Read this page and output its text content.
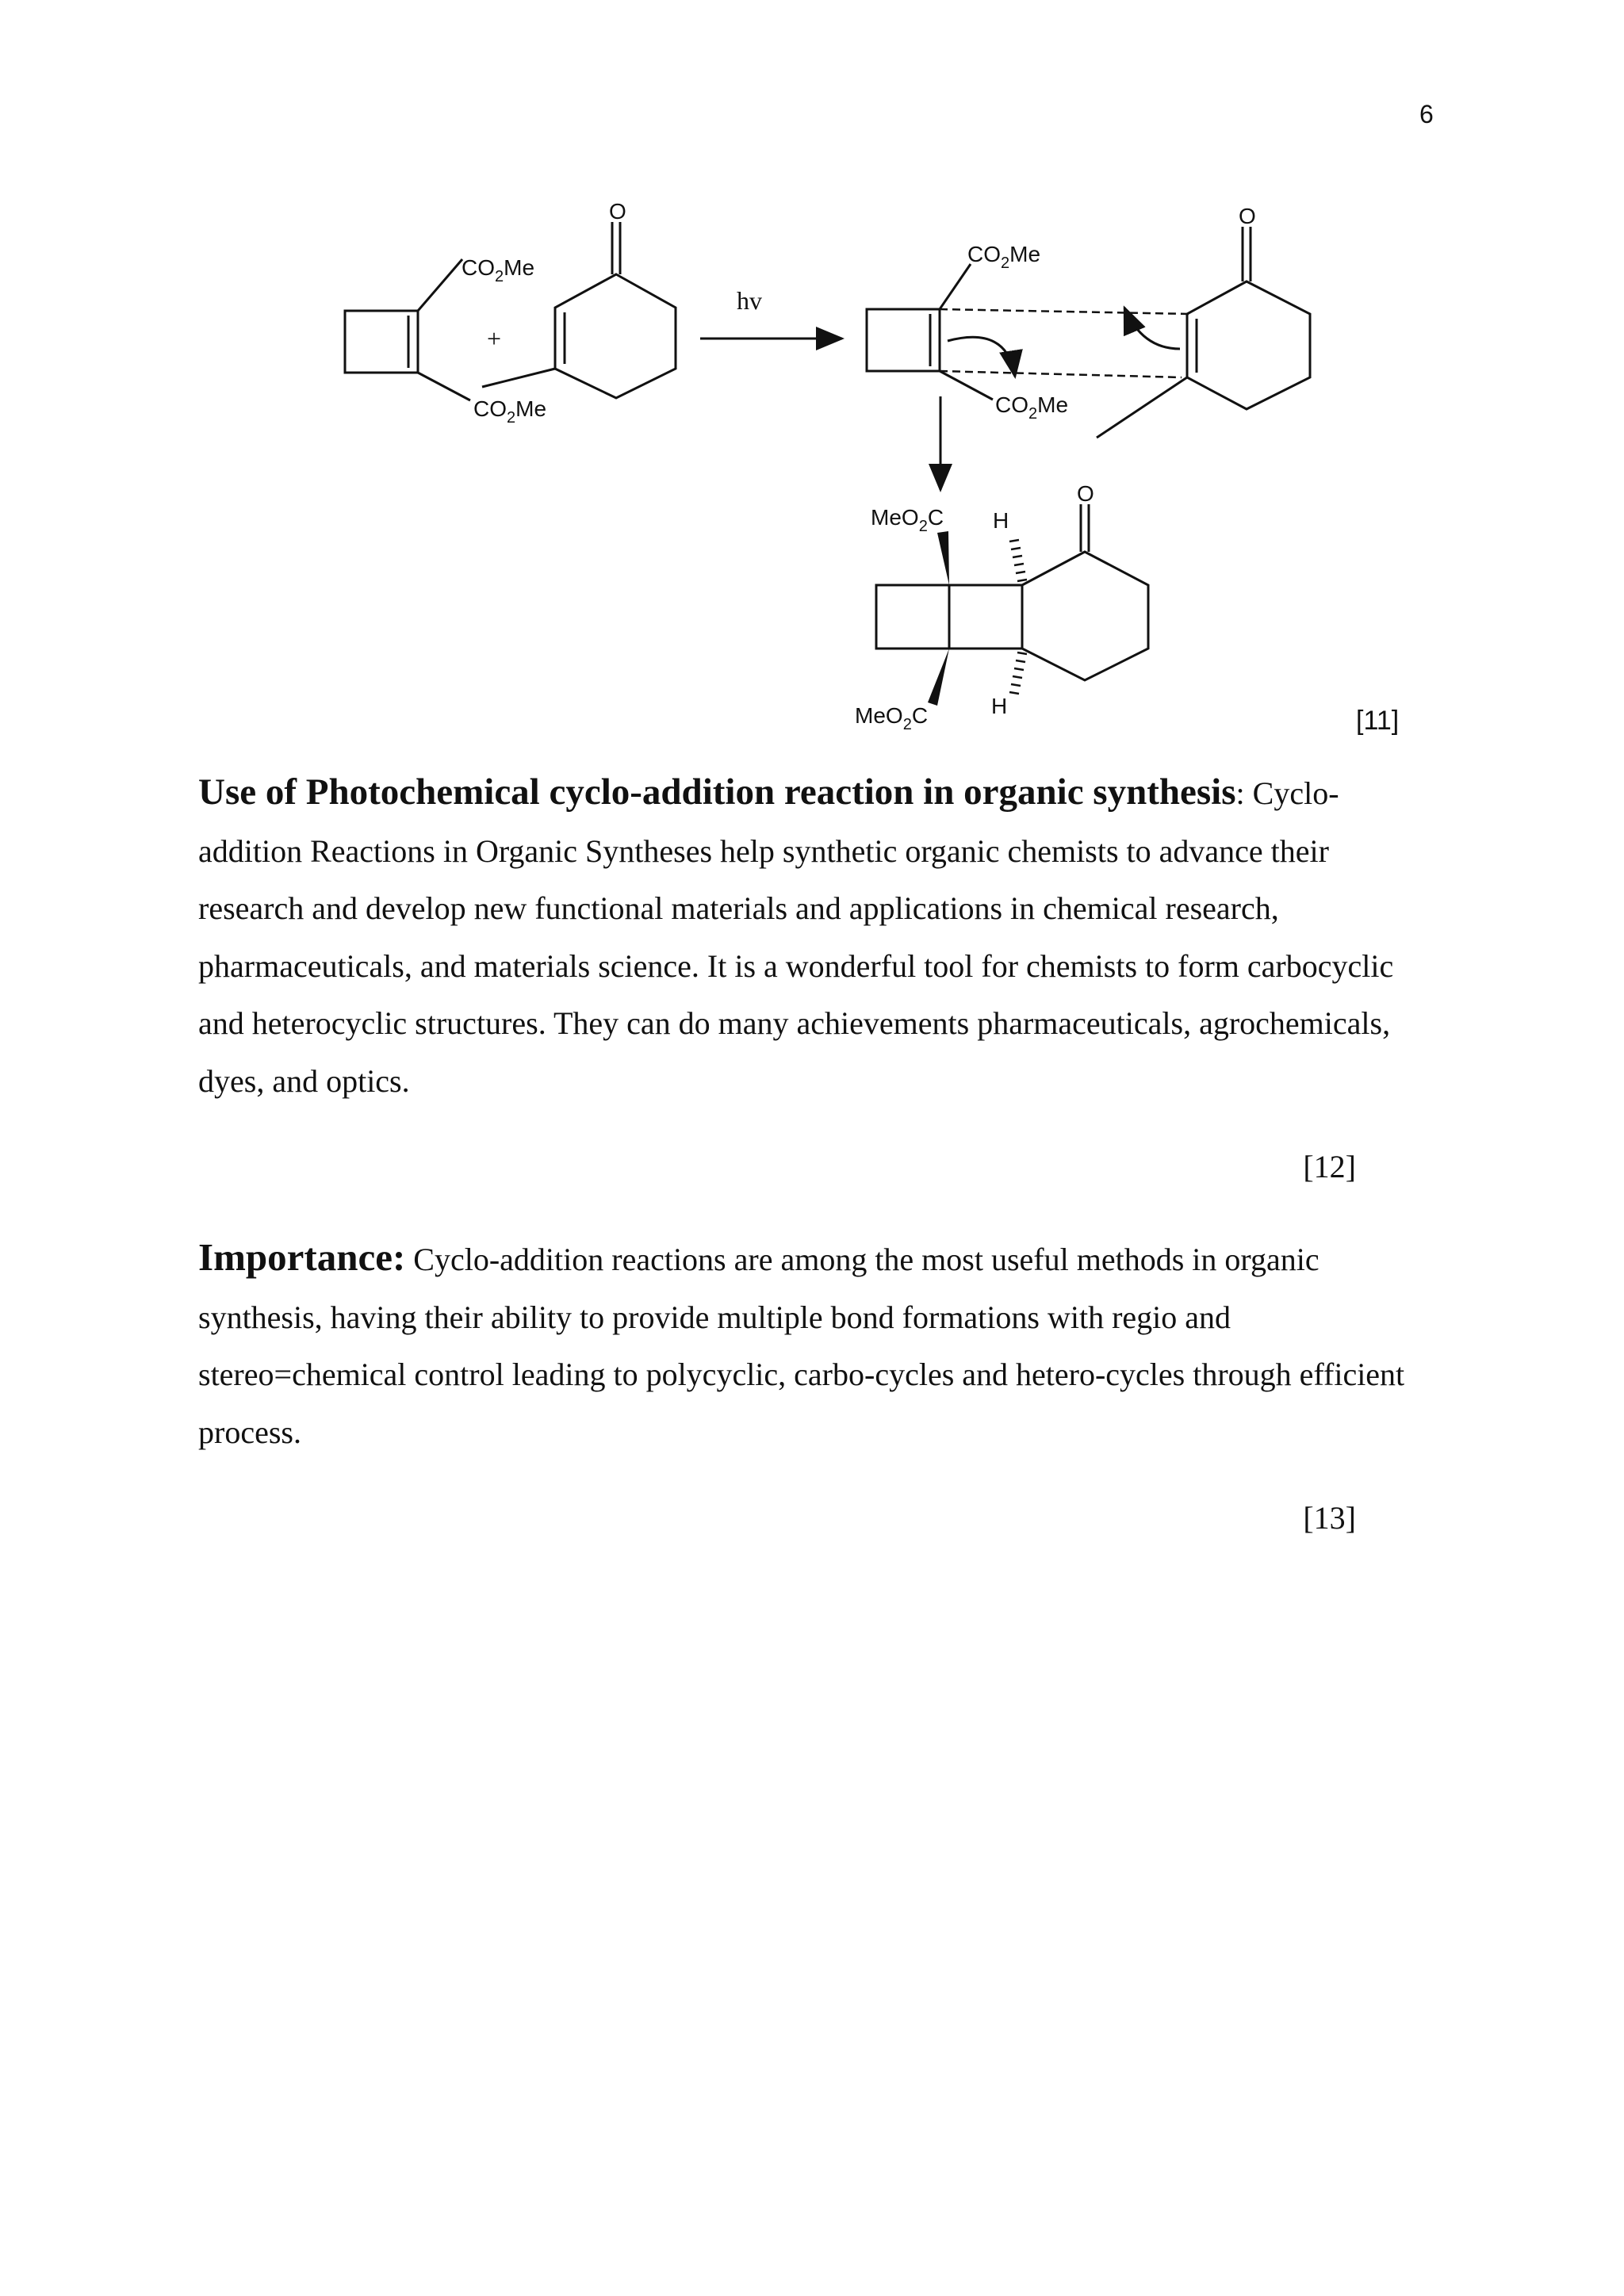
6
$CO_2Me$
$CO_2Me$
+
O
hv
$CO_2Me$
$CO_2Me$
O
O
MeO$_2$C
MeO$_2$C
H
H	[11]

Use of Photochemical cyclo-addition reaction in organic synthesis: Cyclo-addition Reactions in Organic Syntheses help synthetic organic chemists to advance their research and develop new functional materials and applications in chemical research, pharmaceuticals, and materials science. It is a wonderful tool for chemists to form carbocyclic and heterocyclic structures. They can do many achievements pharmaceuticals, agrochemicals, dyes, and optics.

[12]

Importance: Cyclo-addition reactions are among the most useful methods in organic synthesis, having their ability to provide multiple bond formations with regio and stereo=chemical control leading to polycyclic, carbo-cycles and hetero-cycles through efficient process.

[13]
